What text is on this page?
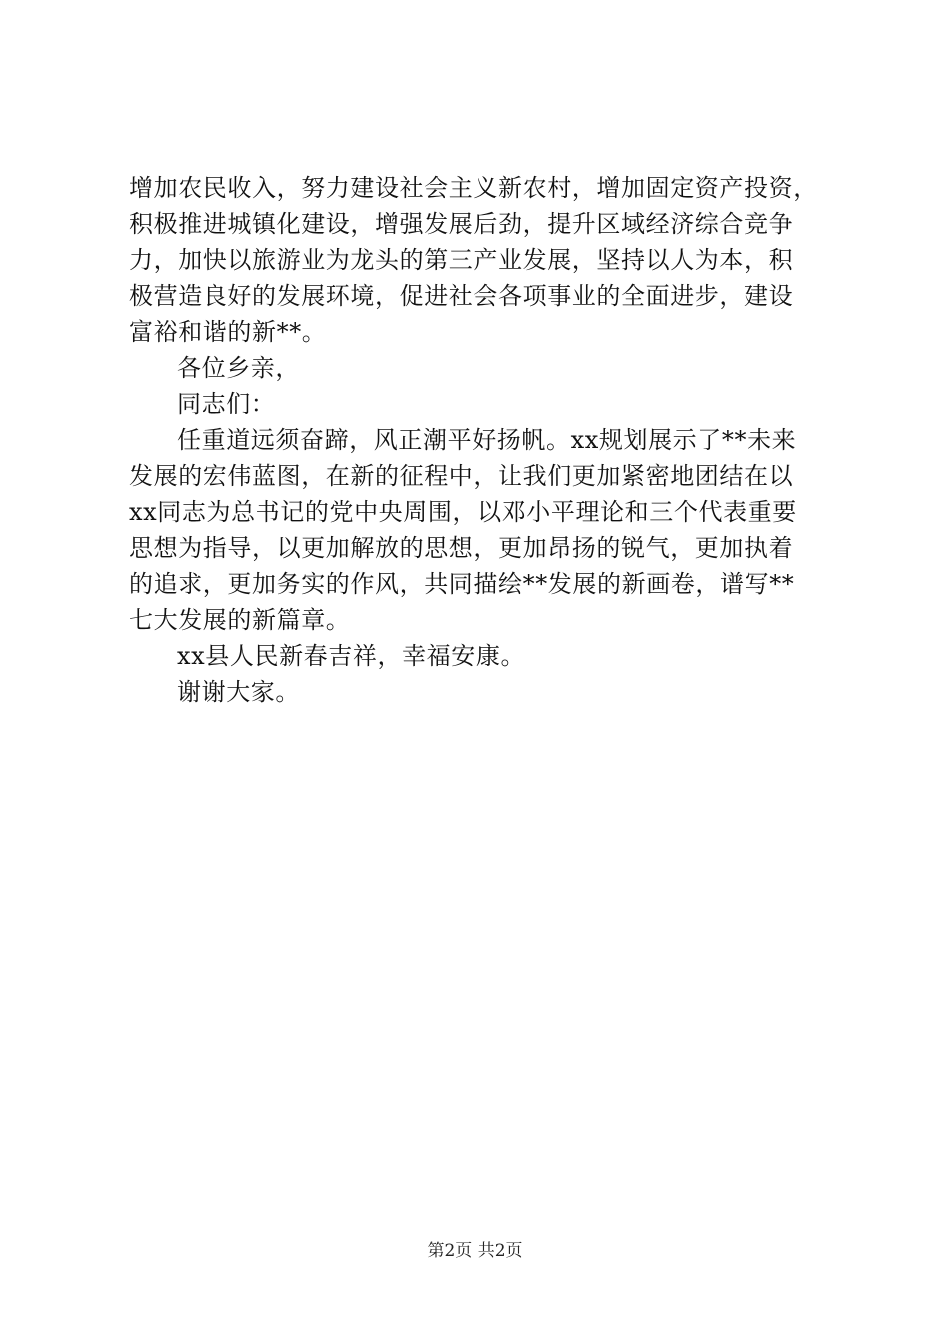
增加农民收入，努力建设社会主义新农村，增加固定资产投资，
积极推进城镇化建设，增强发展后劲，提升区域经济综合竞争
力，加快以旅游业为龙头的第三产业发展，坚持以人为本，积
极营造良好的发展环境，促进社会各项事业的全面进步，建设
富裕和谐的新**。
各位乡亲，
同志们：
任重道远须奋蹄，风正潮平好扬帆。xx规划展示了**未来
发展的宏伟蓝图，在新的征程中，让我们更加紧密地团结在以
xx同志为总书记的党中央周围，以邓小平理论和三个代表重要
思想为指导，以更加解放的思想，更加昂扬的锐气，更加执着
的追求，更加务实的作风，共同描绘**发展的新画卷，谱写**
七大发展的新篇章。
xx县人民新春吉祥，幸福安康。
谢谢大家。
第2页 共2页
